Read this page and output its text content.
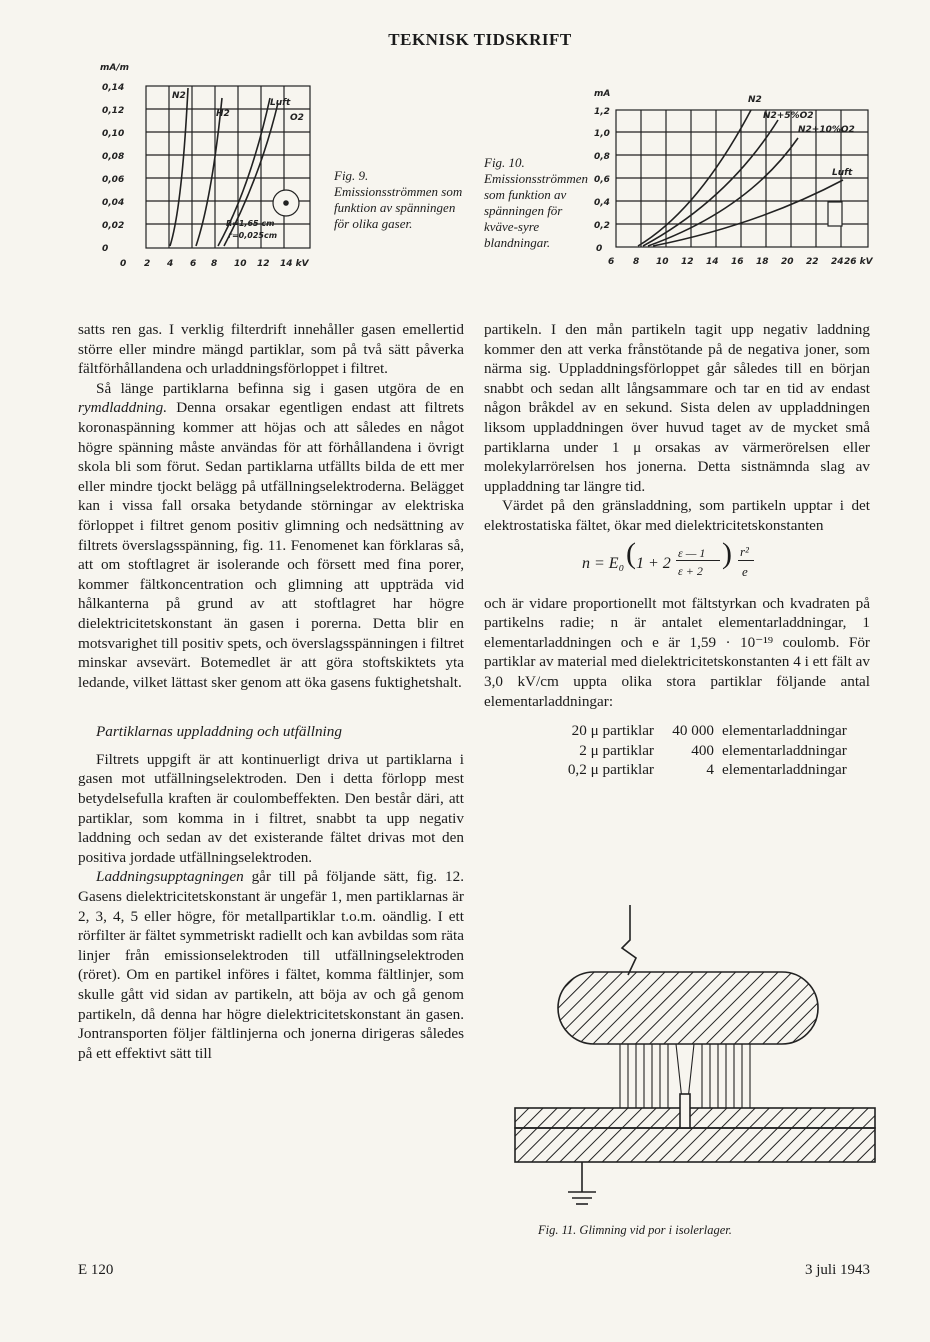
TEKNISK TIDSKRIFT
mA/m
0,14
0,12
0,10
0,08
0,06
0,04
0,02
0
0 2 4 6 8 10 12 14 kV
N2
H2
Luft
O2
R=1,65 cm
r=0,025cm
Fig. 9. Emissionsströmmen som funktion av spänningen för olika gaser.
Fig. 10. Emissionsströmmen som funktion av spänningen för kväve-syre blandningar.
mA
1,2
1,0
0,8
0,6
0,4
0,2
0
6 8 10 12 14 16 18 20 22 24 26 kV
N2
N2+5%O2
N2+10%O2
Luft

satts ren gas. I verklig filterdrift innehåller gasen emellertid större eller mindre mängd partiklar, som på två sätt påverka fältförhållandena och urladdningsförloppet i filtret.

Så länge partiklarna befinna sig i gasen utgöra de en rymdladdning. Denna orsakar egentligen endast att filtrets koronaspänning kommer att höjas och att således en något högre spänning måste användas för att förhållandena i övrigt skola bli som förut. Sedan partiklarna utfällts bilda de ett mer eller mindre tjockt belägg på utfällningselektroderna. Belägget kan i vissa fall orsaka betydande störningar av elektriska förloppet i filtret genom positiv glimning och nedsättning av filtrets överslagsspänning, fig. 11. Fenomenet kan förklaras så, att om stoftlagret är isolerande och försett med fina porer, kommer fältkoncentration och glimning att uppträda vid hålkanterna på grund av att stoftlagret har högre dielektricitetskonstant än gasen i porerna. Detta blir en motsvarighet till positiv spets, och överslagsspänningen i filtret minskar avsevärt. Botemedlet är att göra stoftskiktets yta ledande, vilket lättast sker genom att öka gasens fuktighetshalt.

Partiklarnas uppladdning och utfällning

Filtrets uppgift är att kontinuerligt driva ut partiklarna i gasen mot utfällningselektroden. Den i detta förlopp mest betydelsefulla kraften är coulombeffekten. Den består däri, att partiklar, som komma in i filtret, snabbt ta upp negativ laddning och sedan av det existerande fältet drivas mot den positiva jordade utfällningselektroden.

Laddningsupptagningen går till på följande sätt, fig. 12. Gasens dielektricitetskonstant är ungefär 1, men partiklarnas är 2, 3, 4, 5 eller högre, för metallpartiklar t.o.m. oändlig. I ett rörfilter är fältet symmetriskt radiellt och kan avbildas som räta linjer från emissionselektroden till utfällningselektroden (röret). Om en partikel införes i fältet, komma fältlinjer, som skulle gått vid sidan av partikeln, att böja av och gå genom partikeln, då denna har högre dielektricitetskonstant än gasen. Jontransporten följer fältlinjerna och jonerna dirigeras således på ett effektivt sätt till

partikeln. I den mån partikeln tagit upp negativ laddning kommer den att verka frånstötande på de negativa joner, som närma sig. Uppladdningsförloppet går således till en början snabbt och sedan allt långsammare och tar en tid av endast någon bråkdel av en sekund. Sista delen av uppladdningen liksom uppladdningen över huvud taget av de mycket små partiklarna under 1 μ orsakas av värmerörelsen eller molekylarrörelsen hos jonerna. Detta sistnämnda slag av uppladdning tar längre tid.

Värdet på den gränsladdning, som partikeln upptar i det elektrostatiska fältet, ökar med dielektricitetskonstanten

n = E₀ ( 1 + 2
ε — 1
ε + 2
) r²
e

och är vidare proportionellt mot fältstyrkan och kvadraten på partikelns radie; n är antalet elementarladdningar, 1 elementarladdningen och e är 1,59 · 10⁻¹⁹ coulomb. För partiklar av material med dielektricitetskonstanten 4 i ett fält av 3,0 kV/cm uppta olika stora partiklar följande antal elementarladdningar:

20 μ partiklar	40 000 elementarladdningar
2 μ partiklar	400 elementarladdningar
0,2 μ partiklar	4 elementarladdningar
Fig. 11. Glimning vid por i isolerlager.
E 120	3 juli 1943
